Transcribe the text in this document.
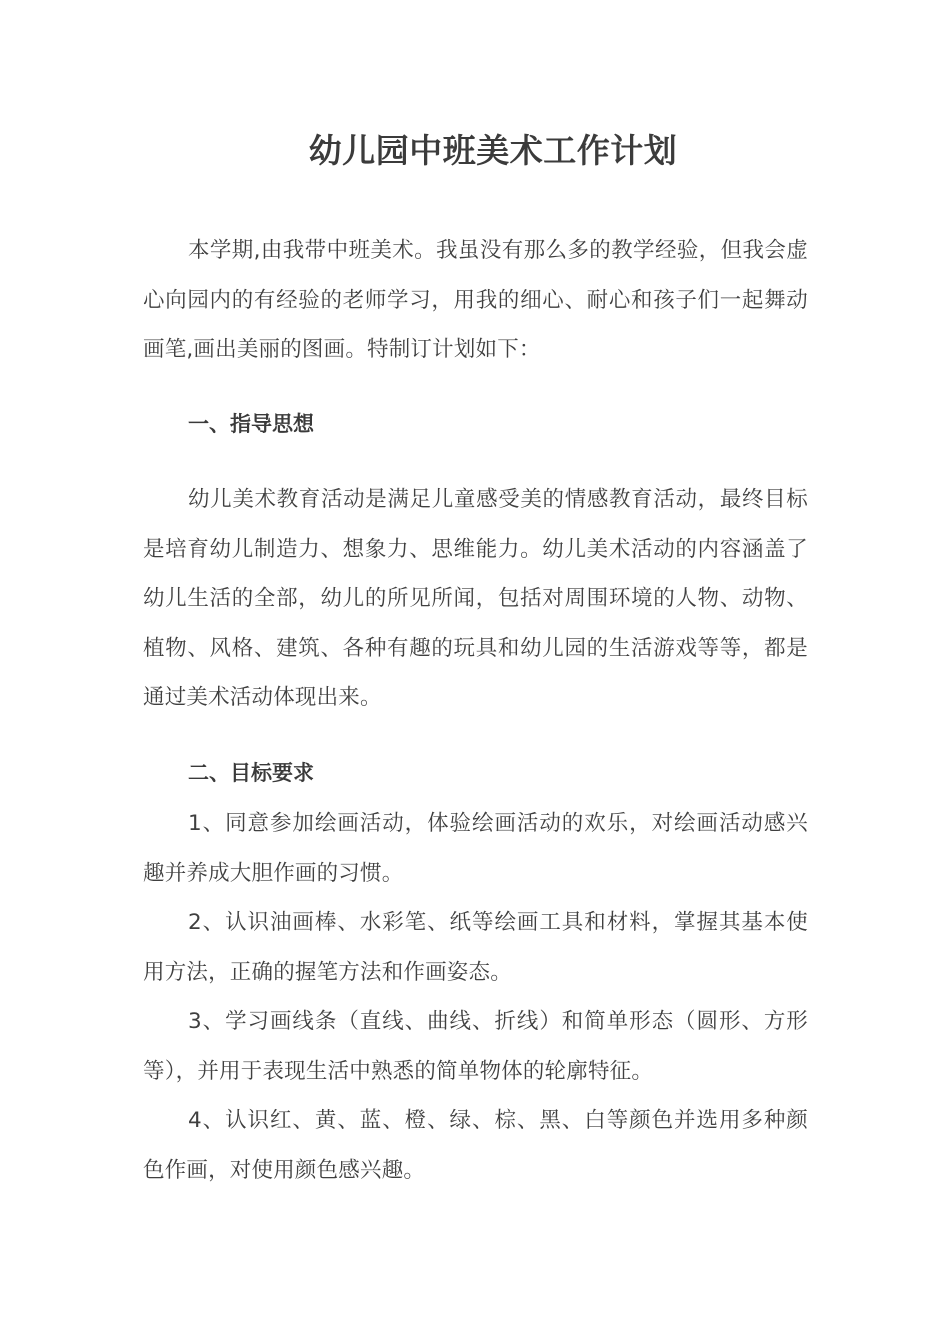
幼儿园中班美术工作计划
本学期,由我带中班美术。我虽没有那么多的教学经验，但我会虚心向园内的有经验的老师学习，用我的细心、耐心和孩子们一起舞动画笔,画出美丽的图画。特制订计划如下：
一、指导思想
幼儿美术教育活动是满足儿童感受美的情感教育活动，最终目标是培育幼儿制造力、想象力、思维能力。幼儿美术活动的内容涵盖了幼儿生活的全部，幼儿的所见所闻，包括对周围环境的人物、动物、植物、风格、建筑、各种有趣的玩具和幼儿园的生活游戏等等，都是通过美术活动体现出来。
二、目标要求
1、同意参加绘画活动，体验绘画活动的欢乐，对绘画活动感兴趣并养成大胆作画的习惯。
2、认识油画棒、水彩笔、纸等绘画工具和材料，掌握其基本使用方法，正确的握笔方法和作画姿态。
3、学习画线条（直线、曲线、折线）和简单形态（圆形、方形等），并用于表现生活中熟悉的简单物体的轮廓特征。
4、认识红、黄、蓝、橙、绿、棕、黑、白等颜色并选用多种颜色作画，对使用颜色感兴趣。
